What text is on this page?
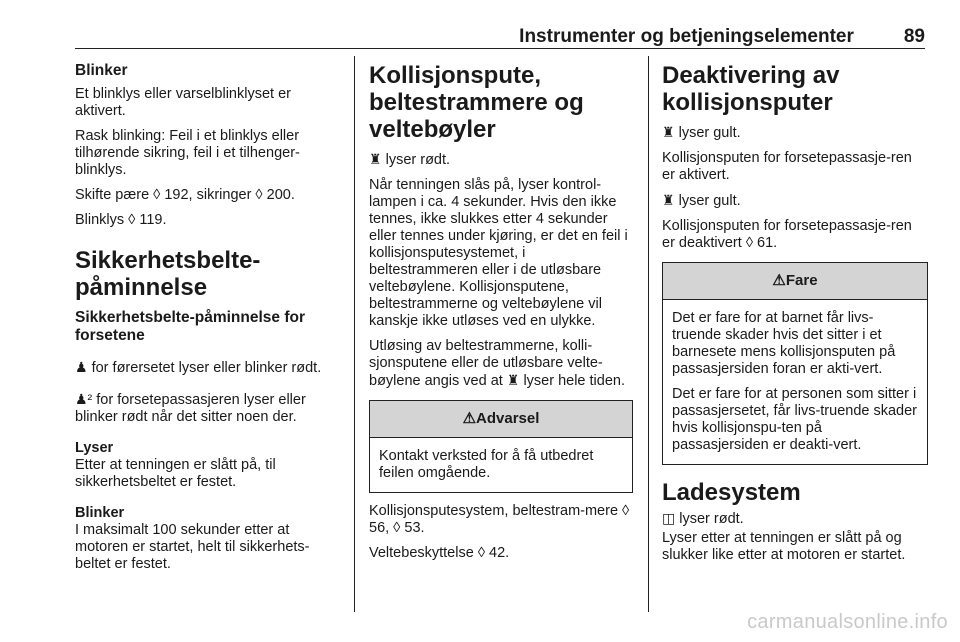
Instrumenter og betjeningselementer	89
Blinker

Et blinklys eller varselblinklyset er aktivert.

Rask blinking: Feil i et blinklys eller tilhørende sikring, feil i et tilhenger-blinklys.

Skifte pære ◊ 192, sikringer ◊ 200.

Blinklys ◊ 119.

Sikkerhetsbelte-påminnelse
Sikkerhetsbelte-påminnelse for forsetene

♟ for førersetet lyser eller blinker rødt.

♟² for forsetepassasjeren lyser eller blinker rødt når det sitter noen der.

Lyser

Etter at tenningen er slått på, til sikkerhetsbeltet er festet.

Blinker

I maksimalt 100 sekunder etter at motoren er startet, helt til sikkerhets-beltet er festet.

Kollisjonspute, beltestrammere og veltebøyler

♜ lyser rødt.

Når tenningen slås på, lyser kontrol-lampen i ca. 4 sekunder. Hvis den ikke tennes, ikke slukkes etter 4 sekunder eller tennes under kjøring, er det en feil i kollisjonsputesystemet, i beltestrammeren eller i de utløsbare veltebøylene. Kollisjonsputene, beltestrammerne og veltebøylene vil kanskje ikke utløses ved en ulykke.

Utløsing av beltestrammerne, kolli-sjonsputene eller de utløsbare velte-bøylene angis ved at ♜ lyser hele tiden.

⚠Advarsel

Kontakt verksted for å få utbedret feilen omgående.

Kollisjonsputesystem, beltestram-mere ◊ 56, ◊ 53.

Veltebeskyttelse ◊ 42.

Deaktivering av kollisjonsputer

♜ lyser gult.

Kollisjonsputen for forsetepassasje-ren er aktivert.

♜ lyser gult.

Kollisjonsputen for forsetepassasje-ren er deaktivert ◊ 61.

⚠Fare

Det er fare for at barnet får livs-truende skader hvis det sitter i et barnesete mens kollisjonsputen på passasjersiden foran er akti-vert.

Det er fare for at personen som sitter i passasjersetet, får livs-truende skader hvis kollisjonspu-ten på passasjersiden er deakti-vert.

Ladesystem

◫ lyser rødt.

Lyser etter at tenningen er slått på og slukker like etter at motoren er startet.

carmanualsonline.info
